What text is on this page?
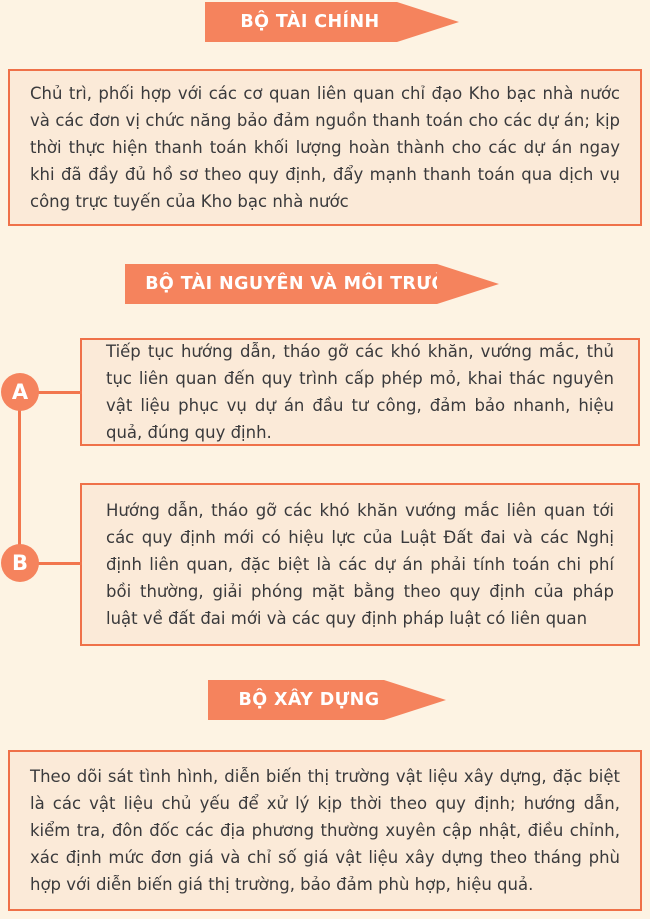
BỘ TÀI CHÍNH

Chủ trì, phối hợp với các cơ quan liên quan chỉ đạo Kho bạc nhà nước và các đơn vị chức năng bảo đảm nguồn thanh toán cho các dự án; kịp thời thực hiện thanh toán khối lượng hoàn thành cho các dự án ngay khi đã đầy đủ hồ sơ theo quy định, đẩy mạnh thanh toán qua dịch vụ công trực tuyến của Kho bạc nhà nước

BỘ TÀI NGUYÊN VÀ MÔI TRƯỜNG
A

Tiếp tục hướng dẫn, tháo gỡ các khó khăn, vướng mắc, thủ tục liên quan đến quy trình cấp phép mỏ, khai thác nguyên vật liệu phục vụ dự án đầu tư công, đảm bảo nhanh, hiệu quả, đúng quy định.

B

Hướng dẫn, tháo gỡ các khó khăn vướng mắc liên quan tới các quy định mới có hiệu lực của Luật Đất đai và các Nghị định liên quan, đặc biệt là các dự án phải tính toán chi phí bồi thường, giải phóng mặt bằng theo quy định của pháp luật về đất đai mới và các quy định pháp luật có liên quan

BỘ XÂY DỰNG

Theo dõi sát tình hình, diễn biến thị trường vật liệu xây dựng, đặc biệt là các vật liệu chủ yếu để xử lý kịp thời theo quy định; hướng dẫn, kiểm tra, đôn đốc các địa phương thường xuyên cập nhật, điều chỉnh, xác định mức đơn giá và chỉ số giá vật liệu xây dựng theo tháng phù hợp với diễn biến giá thị trường, bảo đảm phù hợp, hiệu quả.
